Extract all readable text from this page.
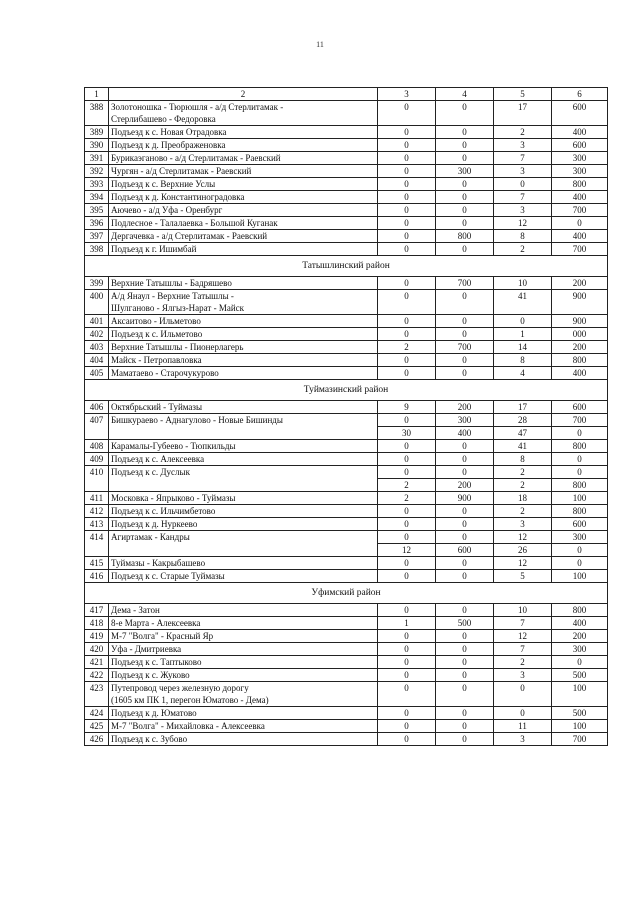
11
1	2	3	4	5	6
388	Золотоношка - Тюрюшля - а/д Стерлитамак -
Стерлибашево - Федоровка	0	0	17	600
389	Подъезд к с. Новая Отрадовка	0	0	2	400
390	Подъезд к д. Преображеновка	0	0	3	600
391	Бурикаэганово - а/д Стерлитамак - Раевский	0	0	7	300
392	Чургян - а/д Стерлитамак - Раевский	0	300	3	300
393	Подъезд к с. Верхние Услы	0	0	0	800
394	Подъезд к д. Константиноградовка	0	0	7	400
395	Аючево - а/д Уфа - Оренбург	0	0	3	700
396	Подлесное - Талалаевка - Большой Куганак	0	0	12	0
397	Дергачевка - а/д Стерлитамак - Раевский	0	800	8	400
398	Подъезд к г. Ишимбай	0	0	2	700
Татышлинский район					
399	Верхние Татышлы - Бадряшево	0	700	10	200
400	А/д Янаул - Верхние Татышлы -
Шулганово - Ялгыз-Нарат - Майск	0	0	41	900
401	Аксаитово - Ильметово	0	0	0	900
402	Подъезд к с. Ильметово	0	0	1	000
403	Верхние Татышлы - Пионерлагерь	2	700	14	200
404	Майск - Петропавловка	0	0	8	800
405	Маматаево - Старочукурово	0	0	4	400
Туймазинский район					
406	Октябрьский - Туймазы	9	200	17	600
407	Бишкураево - Аднагулово - Новые Бишинды	0	300	28	700
		30	400	47	0
408	Карамалы-Губеево - Тюпкильды	0	0	41	800
409	Подъезд к с. Алексеевка	0	0	8	0
410	Подъезд к с. Дуслык	0	0	2	0
		2	200	2	800
411	Московка - Япрыково - Туймазы	2	900	18	100
412	Подъезд к с. Ильчимбетово	0	0	2	800
413	Подъезд к д. Нуркеево	0	0	3	600
414	Агиртамак - Кандры	0	0	12	300
		12	600	26	0
415	Туймазы - Какрыбашево	0	0	12	0
416	Подъезд к с. Старые Туймазы	0	0	5	100
Уфимский район					
417	Дема - Затон	0	0	10	800
418	8-е Марта - Алексеевка	1	500	7	400
419	М-7 "Волга" - Красный Яр	0	0	12	200
420	Уфа - Дмитриевка	0	0	7	300
421	Подъезд к с. Таптыково	0	0	2	0
422	Подъезд к с. Жуково	0	0	3	500
423	Путепровод через железную дорогу
(1605 км ПК 1, перегон Юматово - Дема)	0	0	0	100
424	Подъезд к д. Юматово	0	0	0	500
425	М-7 "Волга" - Михайловка - Алексеевка	0	0	11	100
426	Подъезд к с. Зубово	0	0	3	700
